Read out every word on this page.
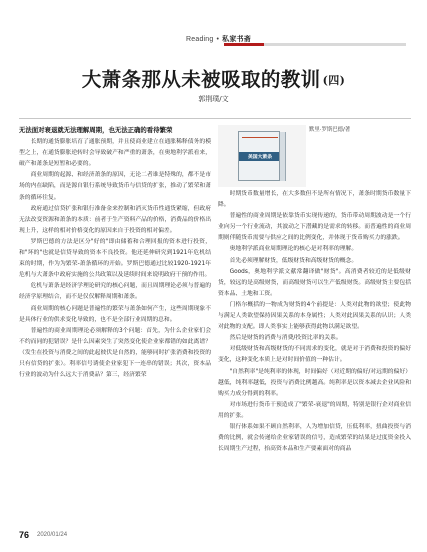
Reading • 私家书斋
大萧条那从未被吸取的教训 (四)
郭荆璞/文
无法面对衰退就无法理解周期，也无法正确的看待繁荣

长期的通货膨胀培育了通胀预期，并且使商业建立在通胀稀释债务的模型之上，在通货膨胀逆转时会导致破产和严重的萧条，在奥地利学派看来，破产和萧条是短暂和必要的。

商业周期的起源、和经济萧条的原因，无论二者谁是特殊的，都不是市场的内在缺陷，而是源自银行系统导致货币与信贷的扩张，推动了繁荣和萧条的循环往复。

政府通过信贷扩张和银行准备金来控制和消灭货币性通货紧缩，但政府无法改变资源和萧条的本质：前者于生产资料产品的价格，消费品的价格出现上升，这样的相对价格变化的原因来自于投资的相对偏差。

罗斯巴德的方法是区分"好的"即由储蓄和合理回报的资本进行投资，和"坏的"也就是信贷导致的资本不良投资。他还延伸研究到1921年危机结束的时期，作为为繁荣-萧条循环的开始。罗斯巴德通过比较1920-1921年危机与大萧条中政府实施的公共政策以及延续时间来说明政府干预的作用。

危机与萧条是经济学理论研究的核心问题，而且周期理论必须与普遍的经济学原理结合，而不是仅仅解释周期和萧条。

商业周期的核心问题是普遍性的繁荣与萧条如何产生，这些周期现象不是具体行业的供求变化导致的，也不是全部行业周期的总和。

普遍性的商业周期理论必须解释的3个问题：首先，为什么企业家们会不约而同的犯错误？是什么因素突生了突然变化使企业家都错的如此离谱？（发生在投资与消费之间的此起彼伏是自然的，能够同时扩张消费和投资的只有信贷的扩张）。利率信号诱使企业家犯下一连串的错误；其次，资本品行业的波动为什么远大于消费品？第三，经济繁荣

美国大萧条
默里·罗斯巴德/著

时期货币数量增长，在大多数但不是所有情况下，萧条时期货币数量下降。

普遍性的商业周期是依靠货币实现传递的，货币带动周期波动是一个行业向另一个行业流动，其波动之下潜藏的是需求的转移。而普遍性的商业周期则伴随货币需要与供应之间的比例变化，并体现于货币购买力的涨跌。

奥地利学派商业周期理论的核心是对利率的理解。

首先必须理解财货，低级财货和高级财货的概念。

Goods，奥地利学派文献常翻译做"财货"。高消费者较近的是低级财货，较远的是高级财货，而高级财货可以生产低级财货。高级财货主要包括资本品、土地和工资。

门格尔概括的一物成为财货的4个前提是：人类对此物的欲望；使此物与满足人类欲望保持因果关系的本身属性；人类对此因果关系的认识；人类对此物的支配。即人类事实上能够获得此物以满足欲望。

然后是财货的消费与消费/投资比率的关系。

对低级财货和高级财货的不同需求的变化，就是对于消费和投资的偏好变化，这种变化本质上是对时间价值的一种估计。

"自然利率"是纯利率的体现，时间偏好（对近期的偏好/对远期的偏好）越低，纯利率越低，投资与消费比例越高。纯利率是以资本减去企业风险和购买力成分得到的利率。

对市场进行货币干预造成了"繁荣-衰退"的周期，特别是银行企对商业信用的扩张。

银行体系如果不顾自然利率，人为增加信贷，压低利率，扭曲投资与消费的比例，就会传递给企业家错误的信号，造成繁荣的结果是过度资金投入长周期生产过程，抬高资本品和生产要素面对的商品

76 2020/01/24
